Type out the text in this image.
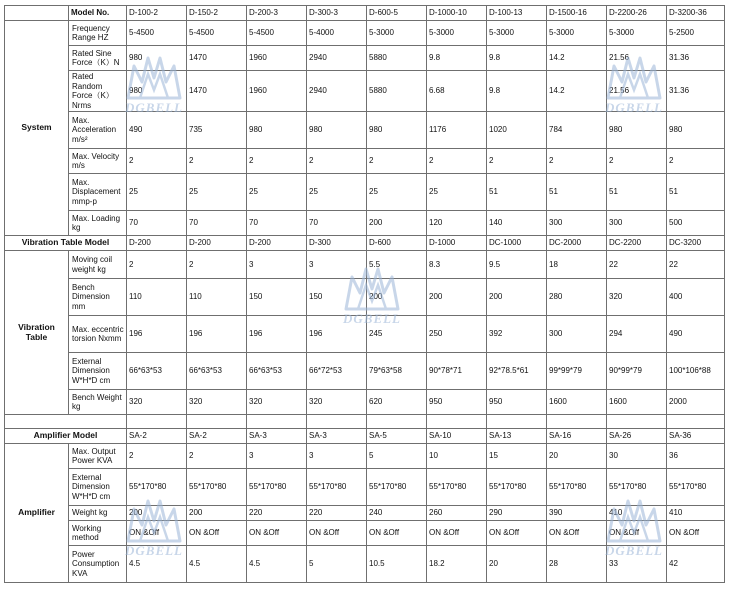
	Model No.	D-100-2	D-150-2	D-200-3	D-300-3	D-600-5	D-1000-10	D-100-13	D-1500-16	D-2200-26	D-3200-36
System	Frequency Range HZ	5-4500	5-4500	5-4500	5-4000	5-3000	5-3000	5-3000	5-3000	5-3000	5-2500
	Rated Sine Force（K）N	980	1470	1960	2940	5880	9.8	9.8	14.2	21.56	31.36
	Rated Random Force（K）Nrms	980	1470	1960	2940	5880	6.68	9.8	14.2	21.56	31.36
	Max. Acceleration m/s²	490	735	980	980	980	1176	1020	784	980	980
	Max. Velocity m/s	2	2	2	2	2	2	2	2	2	2
	Max. Displacement mmp-p	25	25	25	25	25	25	51	51	51	51
	Max. Loading kg	70	70	70	70	200	120	140	300	300	500
Vibration Table Model		D-200	D-200	D-200	D-300	D-600	D-1000	DC-1000	DC-2000	DC-2200	DC-3200
Vibration Table	Moving coil weight kg	2	2	3	3	5.5	8.3	9.5	18	22	22
	Bench Dimension mm	110	110	150	150	200	200	200	280	320	400
	Max. eccentric torsion Nxmm	196	196	196	196	245	250	392	300	294	490
	External Dimension W*H*D cm	66*63*53	66*63*53	66*63*53	66*72*53	79*63*58	90*78*71	92*78.5*61	99*99*79	90*99*79	100*106*88
	Bench Weight kg	320	320	320	320	620	950	950	1600	1600	2000

Amplifier Model		SA-2	SA-2	SA-3	SA-3	SA-5	SA-10	SA-13	SA-16	SA-26	SA-36
Amplifier	Max. Output Power KVA	2	2	3	3	5	10	15	20	30	36
	External Dimension W*H*D cm	55*170*80	55*170*80	55*170*80	55*170*80	55*170*80	55*170*80	55*170*80	55*170*80	55*170*80	55*170*80
	Weight kg	200	200	220	220	240	260	290	390	410	410
	Working method	ON &Off	ON &Off	ON &Off	ON &Off	ON &Off	ON &Off	ON &Off	ON &Off	ON &Off	ON &Off
	Power Consumption KVA	4.5	4.5	4.5	5	10.5	18.2	20	28	33	42
DGBELL	DGBELL
DGBELL
DGBELL	DGBELL
